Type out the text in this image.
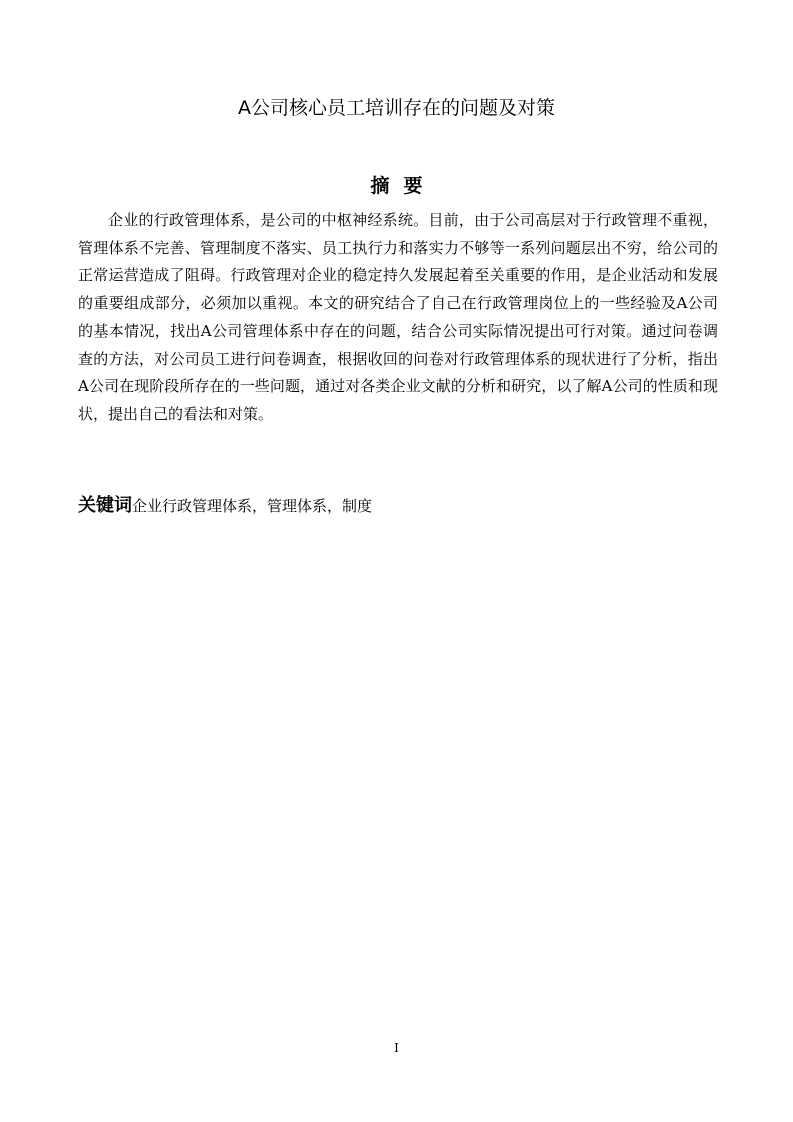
A公司核心员工培训存在的问题及对策
摘要

企业的行政管理体系，是公司的中枢神经系统。目前，由于公司高层对于行政管理不重视，管理体系不完善、管理制度不落实、员工执行力和落实力不够等一系列问题层出不穷，给公司的正常运营造成了阻碍。行政管理对企业的稳定持久发展起着至关重要的作用，是企业活动和发展的重要组成部分，必须加以重视。本文的研究结合了自己在行政管理岗位上的一些经验及A公司的基本情况，找出A公司管理体系中存在的问题，结合公司实际情况提出可行对策。通过问卷调查的方法，对公司员工进行问卷调查，根据收回的问卷对行政管理体系的现状进行了分析，指出A公司在现阶段所存在的一些问题，通过对各类企业文献的分析和研究，以了解A公司的性质和现状，提出自己的看法和对策。

关键词企业行政管理体系，管理体系，制度

I
